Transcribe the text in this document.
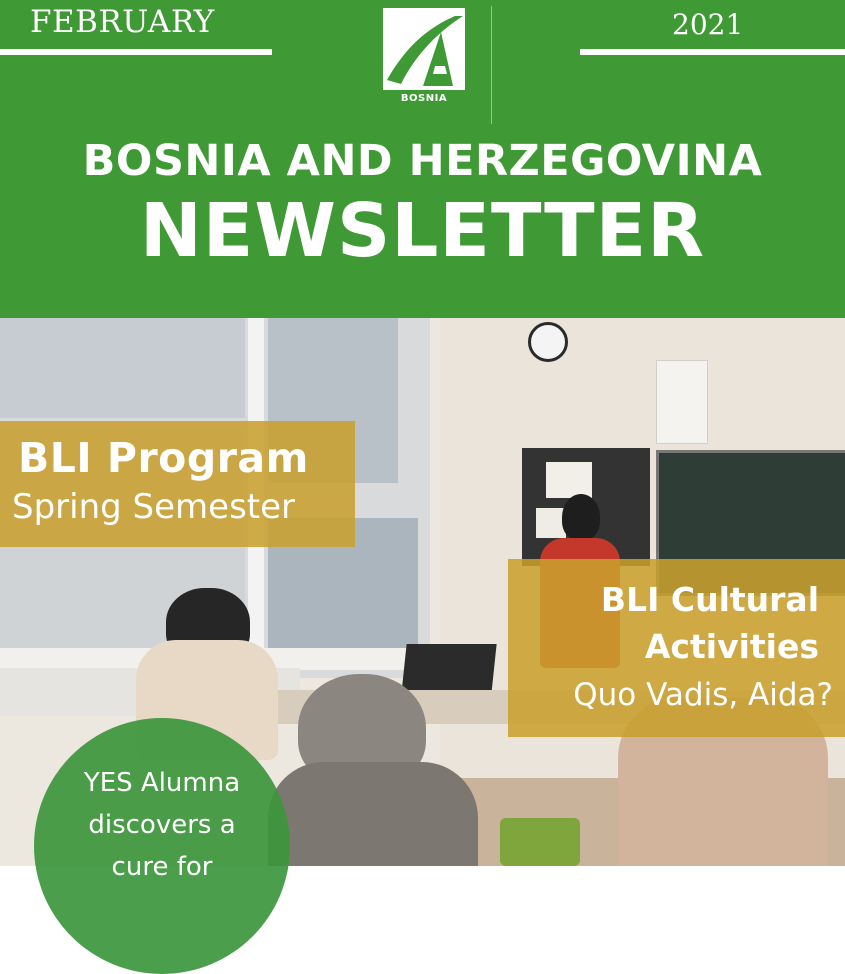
FEBRUARY
BOSNIA
2021
BOSNIA AND HERZEGOVINA
NEWSLETTER
BLI Program
Spring Semester
BLI Cultural
Activities
Quo Vadis, Aida?
YES Alumna
discovers a
cure for
